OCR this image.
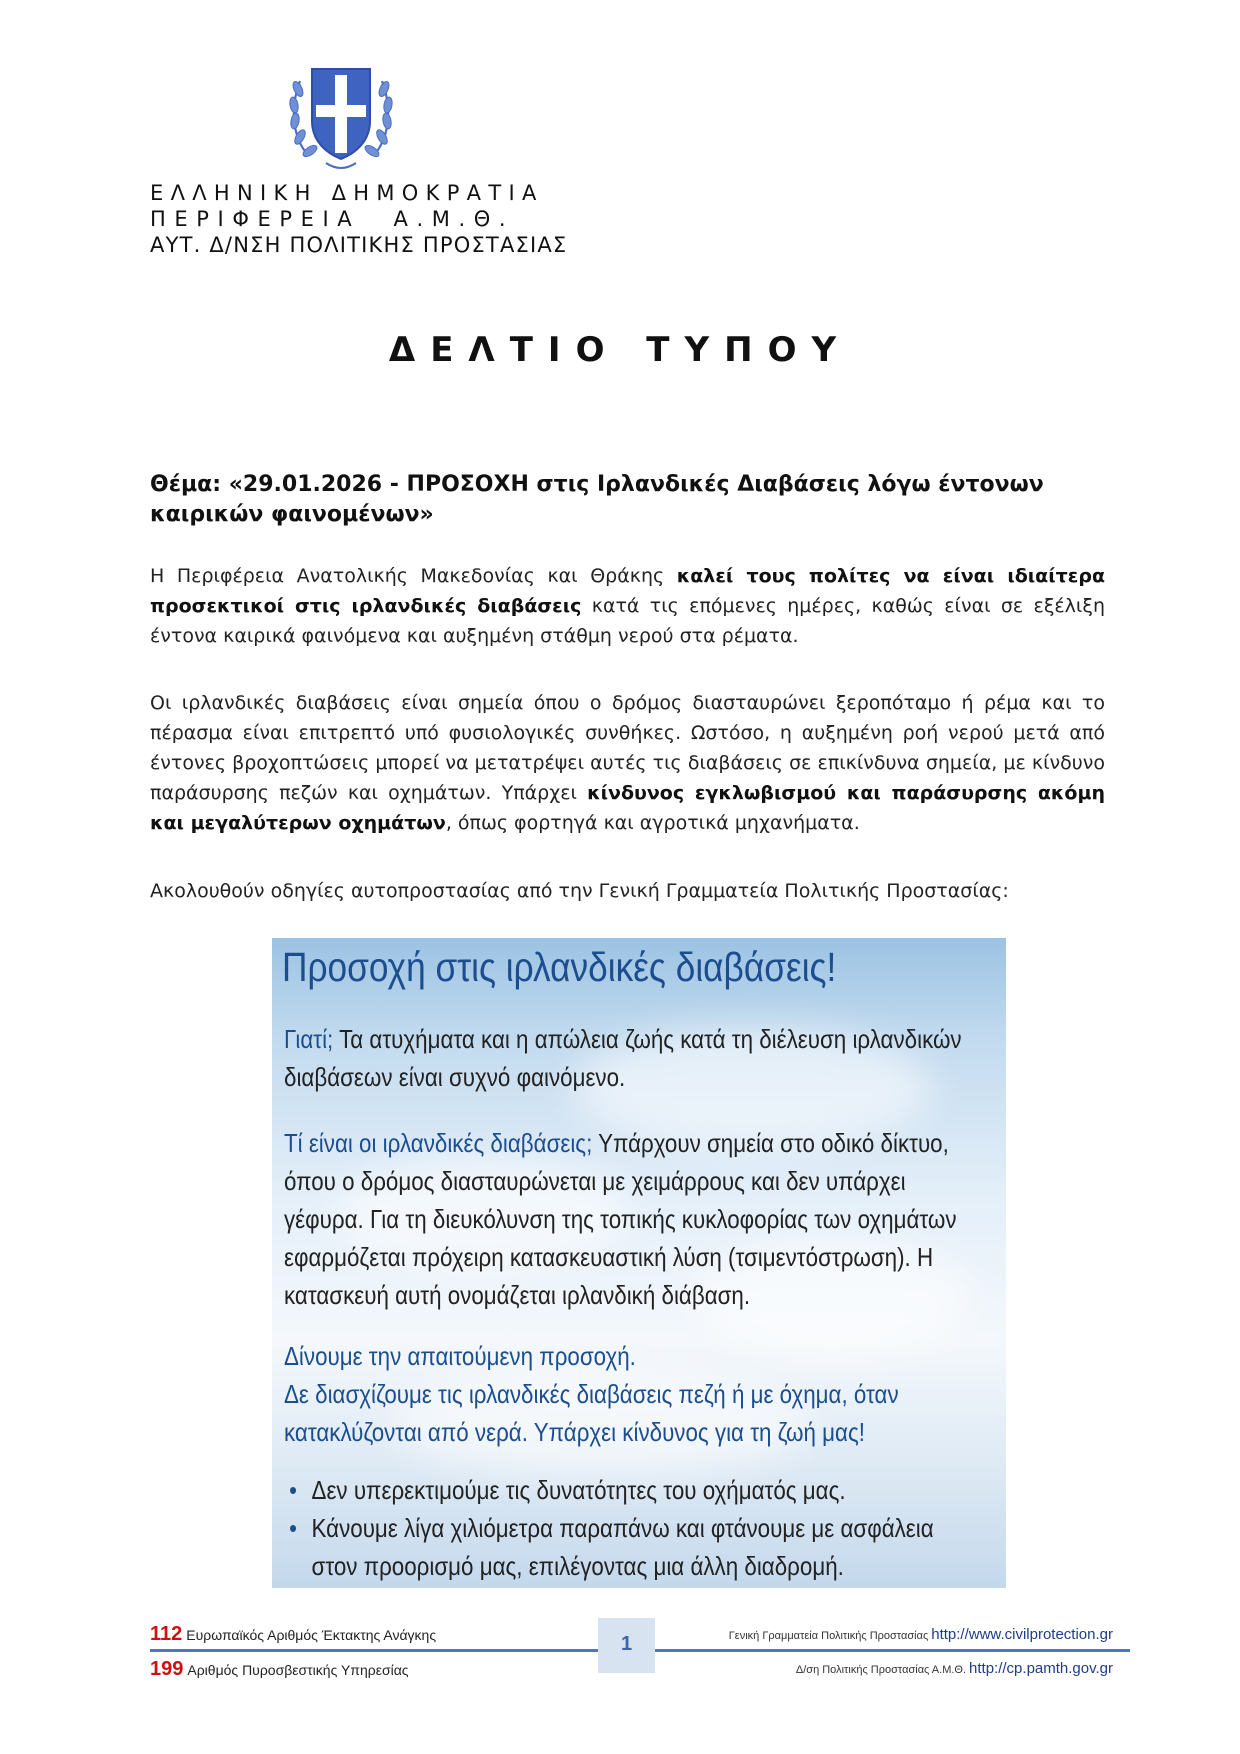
ΕΛΛΗΝΙΚΗ ΔΗΜΟΚΡΑΤΙΑ
ΠΕΡΙΦΕΡΕΙΑ Α.Μ.Θ.
ΑΥΤ. Δ/ΝΣΗ ΠΟΛΙΤΙΚΗΣ ΠΡΟΣΤΑΣΙΑΣ
ΔΕΛΤΙΟ ΤΥΠΟΥ
Θέμα: «29.01.2026 - ΠΡΟΣΟΧΗ στις Ιρλανδικές Διαβάσεις λόγω έντονων καιρικών φαινομένων»
Η Περιφέρεια Ανατολικής Μακεδονίας και Θράκης καλεί τους πολίτες να είναι ιδιαίτερα προσεκτικοί στις ιρλανδικές διαβάσεις κατά τις επόμενες ημέρες, καθώς είναι σε εξέλιξη έντονα καιρικά φαινόμενα και αυξημένη στάθμη νερού στα ρέματα.
Οι ιρλανδικές διαβάσεις είναι σημεία όπου ο δρόμος διασταυρώνει ξεροπόταμο ή ρέμα και το πέρασμα είναι επιτρεπτό υπό φυσιολογικές συνθήκες. Ωστόσο, η αυξημένη ροή νερού μετά από έντονες βροχοπτώσεις μπορεί να μετατρέψει αυτές τις διαβάσεις σε επικίνδυνα σημεία, με κίνδυνο παράσυρσης πεζών και οχημάτων. Υπάρχει κίνδυνος εγκλωβισμού και παράσυρσης ακόμη και μεγαλύτερων οχημάτων, όπως φορτηγά και αγροτικά μηχανήματα.
Ακολουθούν οδηγίες αυτοπροστασίας από την Γενική Γραμματεία Πολιτικής Προστασίας:
Προσοχή στις ιρλανδικές διαβάσεις!
Γιατί; Τα ατυχήματα και η απώλεια ζωής κατά τη διέλευση ιρλανδικών διαβάσεων είναι συχνό φαινόμενο.
Τί είναι οι ιρλανδικές διαβάσεις; Υπάρχουν σημεία στο οδικό δίκτυο, όπου ο δρόμος διασταυρώνεται με χειμάρρους και δεν υπάρχει γέφυρα. Για τη διευκόλυνση της τοπικής κυκλοφορίας των οχημάτων εφαρμόζεται πρόχειρη κατασκευαστική λύση (τσιμεντόστρωση). Η κατασκευή αυτή ονομάζεται ιρλανδική διάβαση.
Δίνουμε την απαιτούμενη προσοχή.
Δε διασχίζουμε τις ιρλανδικές διαβάσεις πεζή ή με όχημα, όταν κατακλύζονται από νερά. Υπάρχει κίνδυνος για τη ζωή μας!
• Δεν υπερεκτιμούμε τις δυνατότητες του οχήματός μας.
• Κάνουμε λίγα χιλιόμετρα παραπάνω και φτάνουμε με ασφάλεια στον προορισμό μας, επιλέγοντας μια άλλη διαδρομή.
112 Ευρωπαϊκός Αριθμός Έκτακτης Ανάγκης
199 Αριθμός Πυροσβεστικής Υπηρεσίας
1	Γενική Γραμματεία Πολιτικής Προστασίας http://www.civilprotection.gr
Δ/ση Πολιτικής Προστασίας Α.Μ.Θ. http://cp.pamth.gov.gr
